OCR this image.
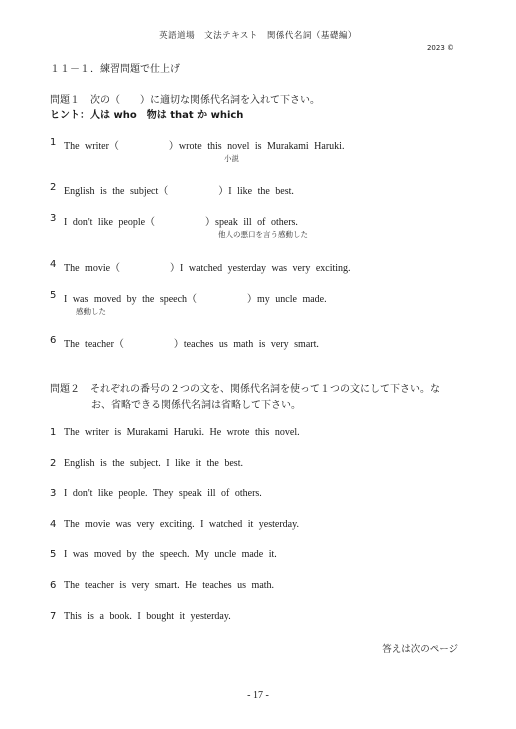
英語道場　文法テキスト　関係代名詞（基礎編）
2023 ©
１１－１．練習問題で仕上げ
問題１　次の（　　）に適切な関係代名詞を入れて下さい。
ヒント：人は who　物は that か which
1 The writer（　　　　　）wrote this novel is Murakami Haruki.
小説
2 English is the subject（　　　　　）I like the best.
3 I don't like people（　　　　　）speak ill of others.
他人の悪口を言う感動した
4 The movie（　　　　　）I watched yesterday was very exciting.
5 I was moved by the speech（　　　　　）my uncle made.
感動した
6 The teacher（　　　　　）teaches us math is very smart.
問題２　それぞれの番号の２つの文を、関係代名詞を使って１つの文にして下さい。な
お、省略できる関係代名詞は省略して下さい。
1 The writer is Murakami Haruki. He wrote this novel.
2 English is the subject. I like it the best.
3 I don't like people. They speak ill of others.
4 The movie was very exciting. I watched it yesterday.
5 I was moved by the speech. My uncle made it.
6 The teacher is very smart. He teaches us math.
7 This is a book. I bought it yesterday.
答えは次のページ
- 17 -
